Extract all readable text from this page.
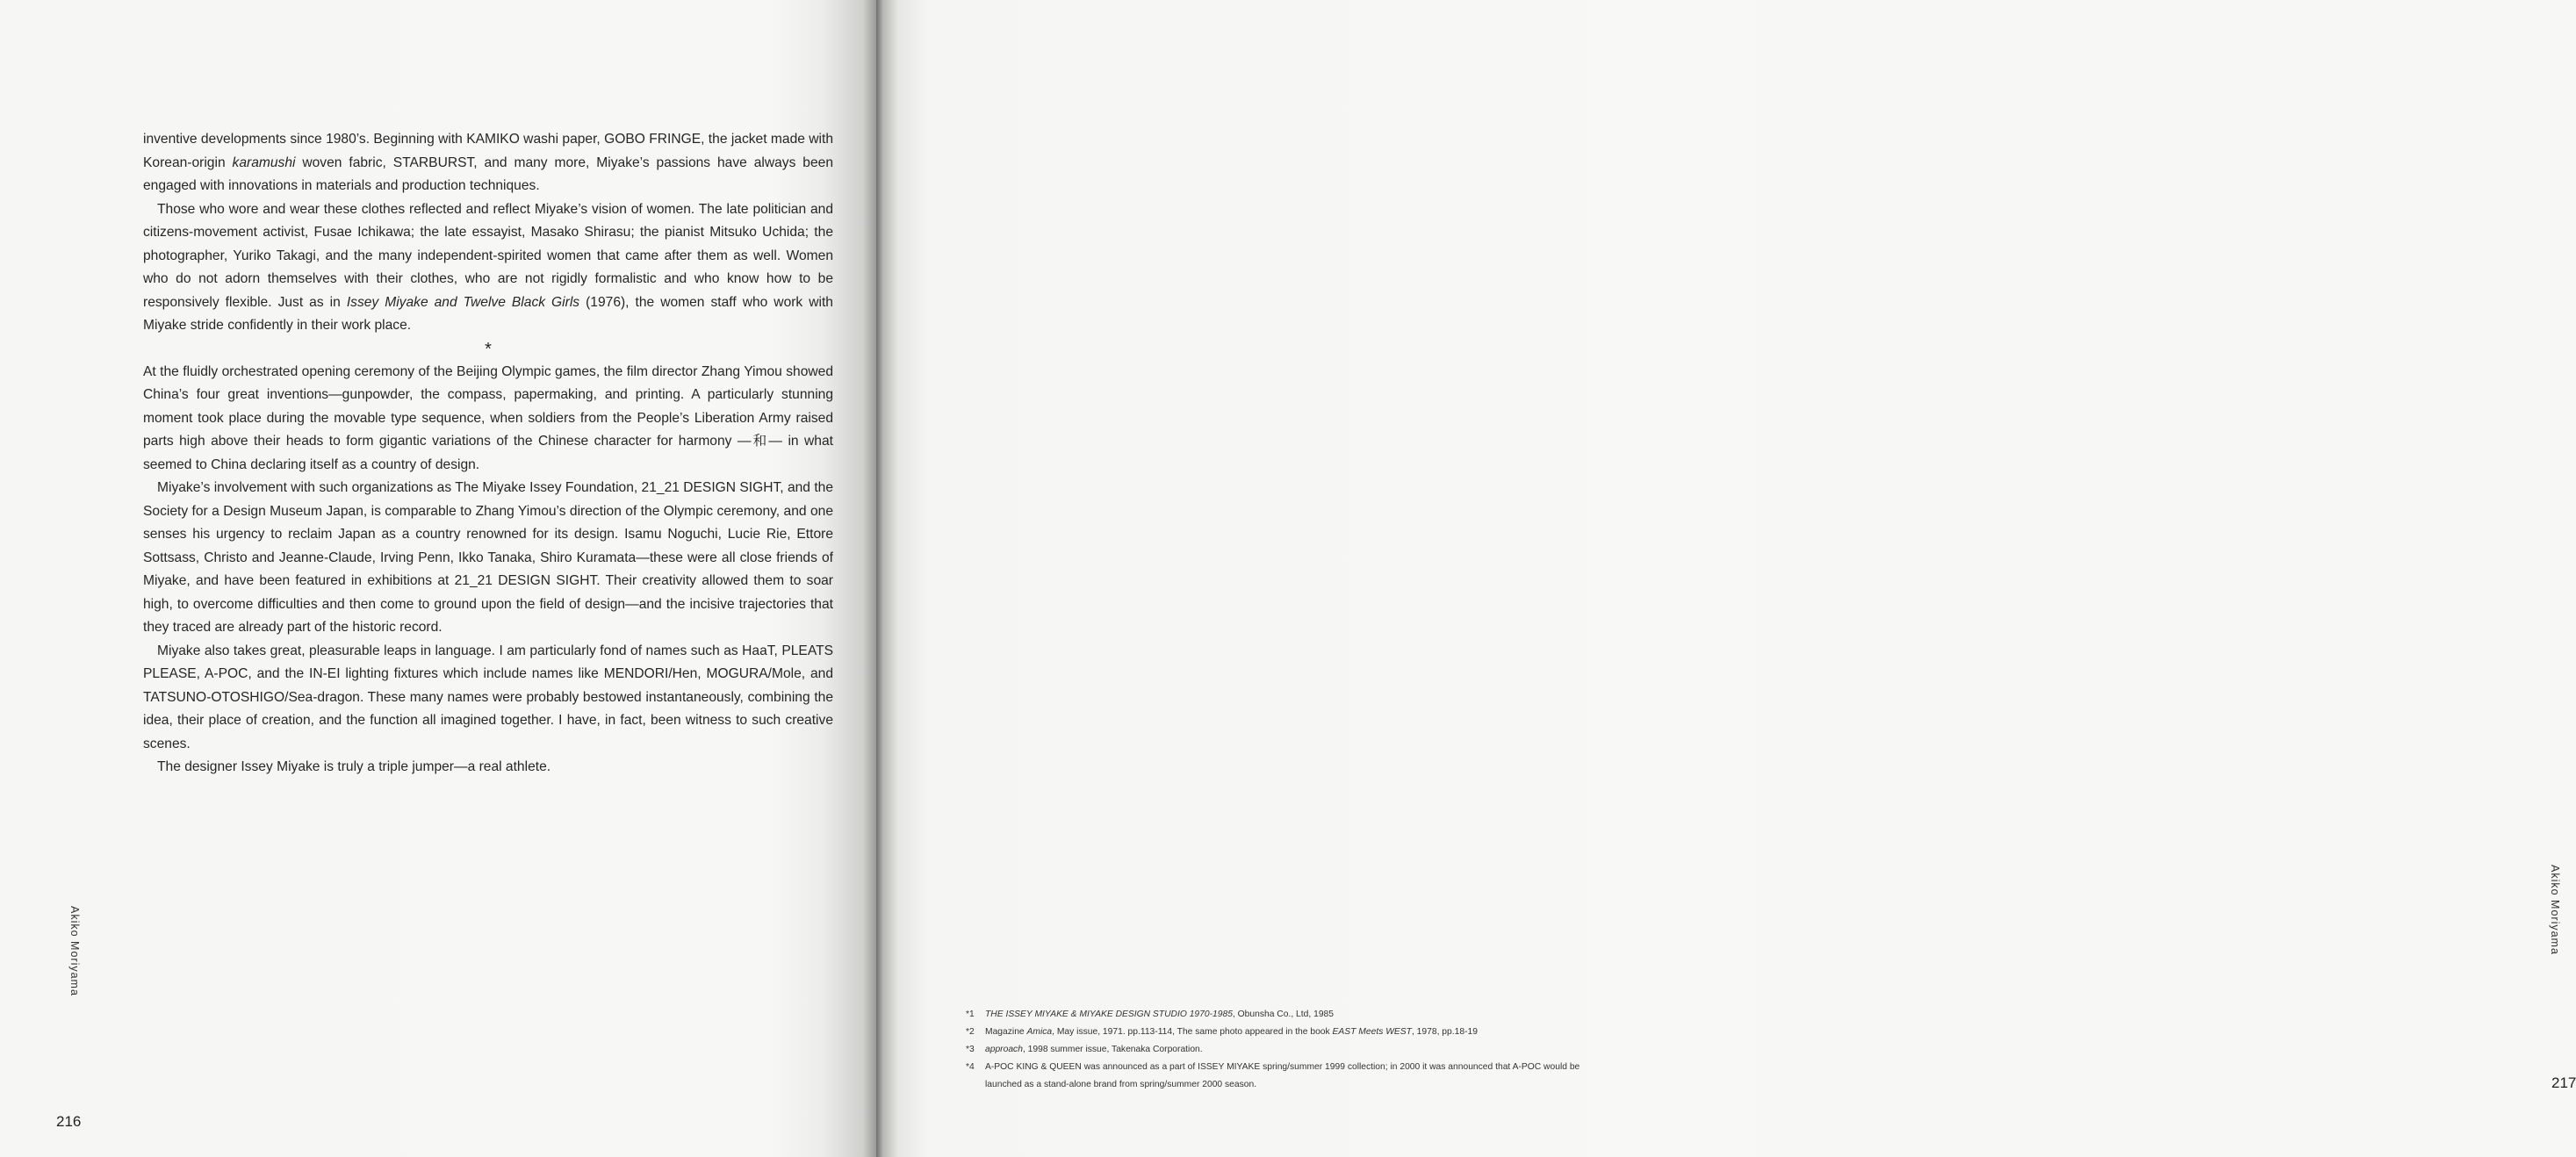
inventive developments since 1980’s. Beginning with KAMIKO washi paper, GOBO FRINGE, the jacket made with Korean-origin karamushi woven fabric, STARBURST, and many more, Miyake’s passions have always been engaged with innovations in materials and production techniques.

Those who wore and wear these clothes reflected and reflect Miyake’s vision of women. The late politician and citizens-movement activist, Fusae Ichikawa; the late essayist, Masako Shirasu; the pianist Mitsuko Uchida; the photographer, Yuriko Takagi, and the many independent-spirited women that came after them as well. Women who do not adorn themselves with their clothes, who are not rigidly formalistic and who know how to be responsively flexible. Just as in Issey Miyake and Twelve Black Girls (1976), the women staff who work with Miyake stride confidently in their work place.

*

At the fluidly orchestrated opening ceremony of the Beijing Olympic games, the film director Zhang Yimou showed China’s four great inventions—gunpowder, the compass, papermaking, and printing. A particularly stunning moment took place during the movable type sequence, when soldiers from the People’s Liberation Army raised parts high above their heads to form gigantic variations of the Chinese character for harmony —和— in what seemed to China declaring itself as a country of design.

Miyake’s involvement with such organizations as The Miyake Issey Foundation, 21_21 DESIGN SIGHT, and the Society for a Design Museum Japan, is comparable to Zhang Yimou’s direction of the Olympic ceremony, and one senses his urgency to reclaim Japan as a country renowned for its design. Isamu Noguchi, Lucie Rie, Ettore Sottsass, Christo and Jeanne-Claude, Irving Penn, Ikko Tanaka, Shiro Kuramata—these were all close friends of Miyake, and have been featured in exhibitions at 21_21 DESIGN SIGHT. Their creativity allowed them to soar high, to overcome difficulties and then come to ground upon the field of design—and the incisive trajectories that they traced are already part of the historic record.

Miyake also takes great, pleasurable leaps in language. I am particularly fond of names such as HaaT, PLEATS PLEASE, A-POC, and the IN-EI lighting fixtures which include names like MENDORI/Hen, MOGURA/Mole, and TATSUNO-OTOSHIGO/Sea-dragon. These many names were probably bestowed instantaneously, combining the idea, their place of creation, and the function all imagined together. I have, in fact, been witness to such creative scenes.

The designer Issey Miyake is truly a triple jumper—a real athlete.

Akiko Moriyama
216
Akiko Moriyama
217
*1	THE ISSEY MIYAKE & MIYAKE DESIGN STUDIO 1970-1985, Obunsha Co., Ltd, 1985
*2	Magazine Amica, May issue, 1971. pp.113-114, The same photo appeared in the book EAST Meets WEST, 1978, pp.18-19
*3	approach, 1998 summer issue, Takenaka Corporation.
*4	A-POC KING & QUEEN was announced as a part of ISSEY MIYAKE spring/summer 1999 collection; in 2000 it was announced that A-POC would be launched as a stand-alone brand from spring/summer 2000 season.
